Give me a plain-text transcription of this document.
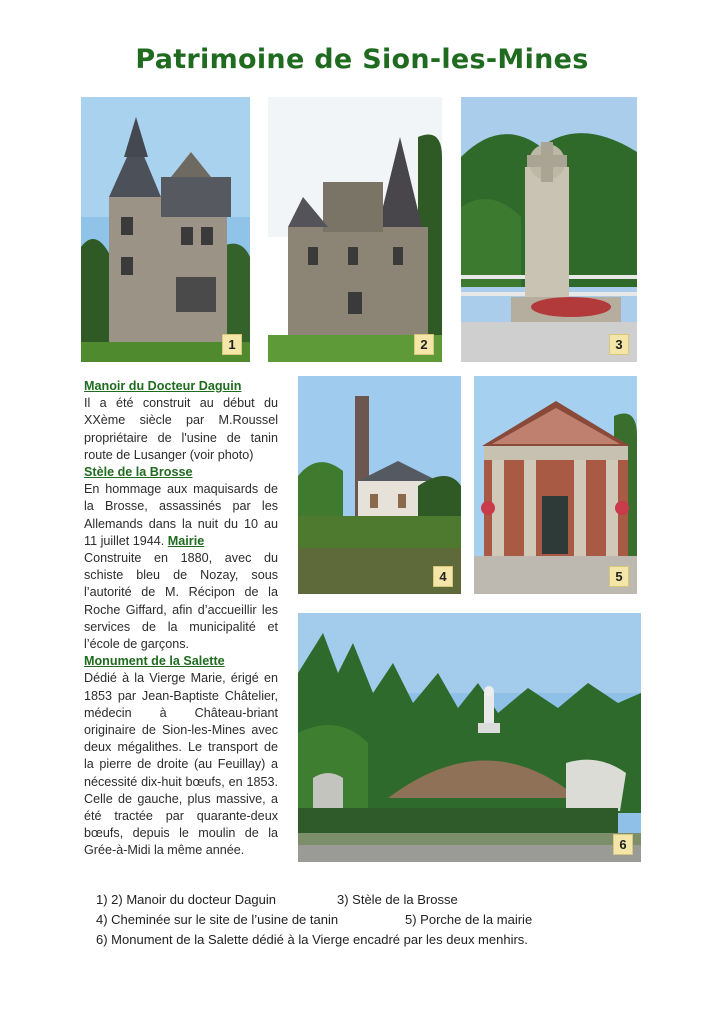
Patrimoine de Sion-les-Mines
1	2	3
4	5
6
Manoir du Docteur Daguin
Il a été construit au début du XXème siècle par M.Roussel propriétaire de l'usine de tanin route de Lusanger (voir photo)
Stèle de la Brosse
En hommage aux maquisards de la Brosse, assassinés par les Allemands dans la nuit du 10 au 11 juillet 1944. Mairie
Construite en 1880, avec du schiste bleu de Nozay, sous l’autorité de M. Récipon de la Roche Giffard, afin d’accueillir les services de la municipalité et l’école de garçons.
Monument de la Salette
Dédié à la Vierge Marie, érigé en 1853 par Jean-Baptiste Châtelier, médecin à Château-briant originaire de Sion-les-Mines avec deux mégalithes. Le transport de la pierre de droite (au Feuillay) a nécessité dix-huit bœufs, en 1853. Celle de gauche, plus massive, a été tractée par quarante-deux bœufs, depuis le moulin de la Grée-à-Midi la même année.
1) 2) Manoir du docteur Daguin	3) Stèle de la Brosse
4) Cheminée sur le site de l’usine de tanin	5) Porche de la mairie
6) Monument de la Salette dédié à la Vierge encadré par les deux menhirs.
